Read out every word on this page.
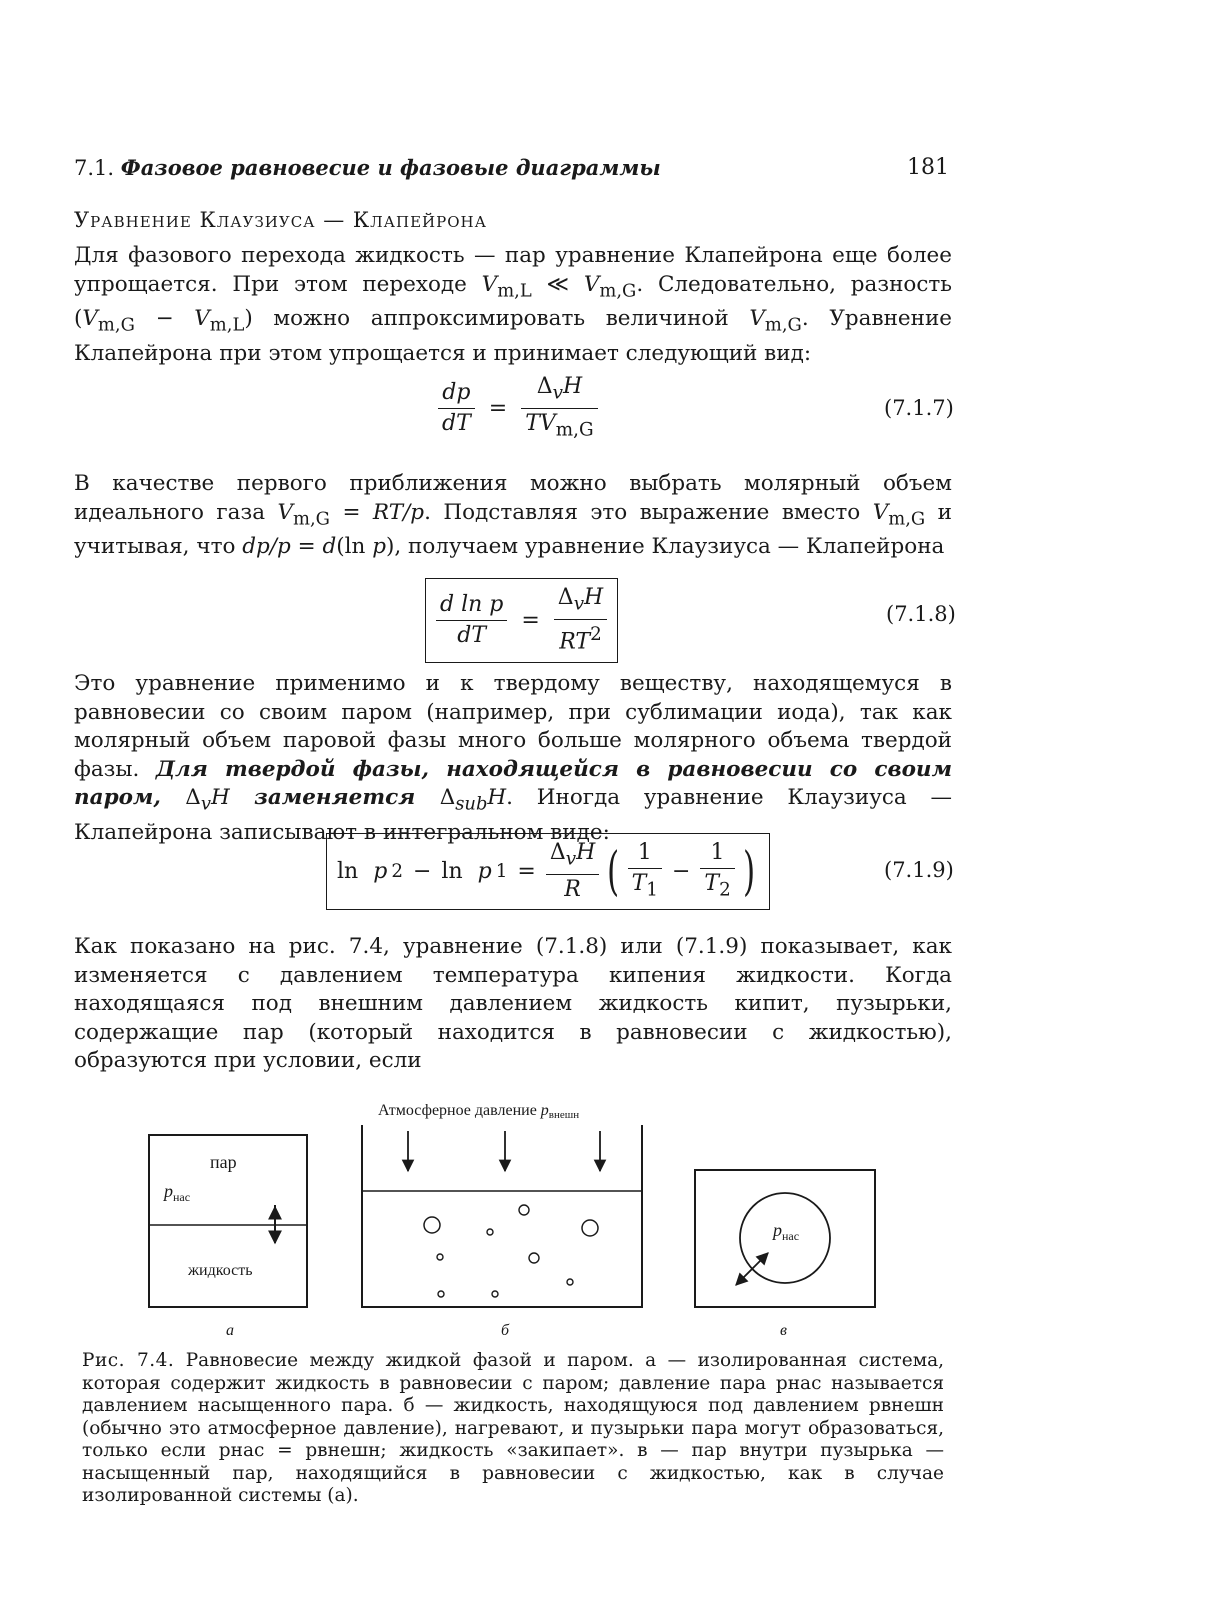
7.1. Фазовое равновесие и фазовые диаграммы	181
Уравнение Клаузиуса — Клапейрона
Для фазового перехода жидкость — пар уравнение Клапейрона еще более упрощается. При этом переходе $V_{m,L}$ ≪ $V_{m,G}$. Следовательно, разность $(V_{m,G} - V_{m,L})$ можно аппроксимировать величиной $V_{m,G}$. Уравнение Клапейрона при этом упрощается и принимает следующий вид:
$\frac{dp}{dT} = \frac{\Delta_vH}{TV_{m,G}}$	(7.1.7)
В качестве первого приближения можно выбрать молярный объем идеального газа $V_{m,G} = RT/p$. Подставляя это выражение вместо $V_{m,G}$ и учитывая, что dp/p = d(ln p), получаем уравнение Клаузиуса — Клапейрона
$\frac{\text{d ln p}}{dT} = \frac{\Delta_vH}{RT^2}$	(7.1.8)
Это уравнение применимо и к твердому веществу, находящемуся в равновесии со своим паром (например, при сублимации иода), так как молярный объем паровой фазы много больше молярного объема твердой фазы. Для твердой фазы, находящейся в равновесии со своим паром, $\Delta_vH$ заменяется $\Delta_{sub}H$. Иногда уравнение Клаузиуса — Клапейрона записывают в интегральном виде:
ln
p 2 − ln
p $1 = \frac{\Delta_vH}{R}$ ( $\frac{1}{T_1} - \frac{1}{T_2}$ )	(7.1.9)
Как показано на рис. 7.4, уравнение (7.1.8) или (7.1.9) показывает, как изменяется с давлением температура кипения жидкости. Когда находящаяся под внешним давлением жидкость кипит, пузырьки, содержащие пар (который находится в равновесии с жидкостью), образуются при условии, если
пар
$p_{нас}$
жидкость
а
Атмосферное давление pвнешн
б
$p_{нас}$
в
Рис. 7.4. Равновесие между жидкой фазой и паром. а — изолированная система, которая содержит жидкость в равновесии с паром; давление пара pнас называется давлением насыщенного пара. б — жидкость, находящуюся под давлением pвнешн (обычно это атмосферное давление), нагревают, и пузырьки пара могут образоваться, только если pнас = pвнешн; жидкость «закипает». в — пар внутри пузырька — насыщенный пар, находящийся в равновесии с жидкостью, как в случае изолированной системы (а).
